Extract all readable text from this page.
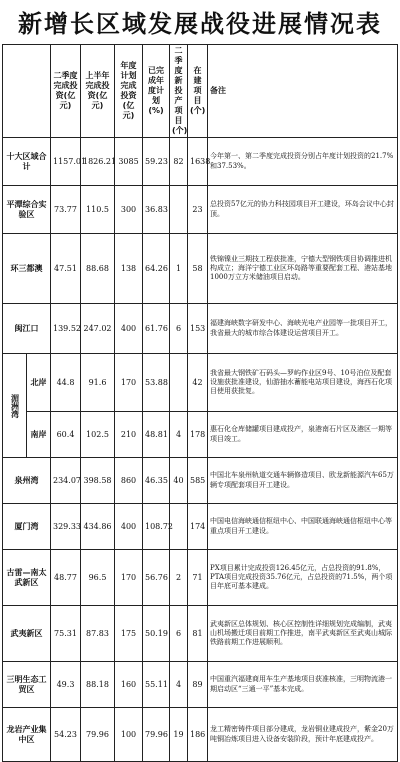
新增长区域发展战役进展情况表
		二季度完成投资(亿元)	上半年完成投资(亿元)	年度计划完成投资(亿元)	已完成年度计划(%)	二季度新投产项目(个)	在建项目(个)	备注
十大区域合计		1157.01	1826.21	3085	59.23	82	1638	今年第一、第二季度完成投资分别占年度计划投资的21.7%和37.53%。
平潭综合实验区		73.77	110.5	300	36.83		23	总投资57亿元的协力科技园项目开工建设，环岛会议中心封顶。
环三都澳		47.51	88.68	138	64.26	1	58	铁锦镍业三期技工程获批准，宁德大型钢铁项目协调推进机构成立；海洋宁德工业区环岛路等重要配套工程、港站基地1000万立方米储油项目启动。
闽江口		139.52	247.02	400	61.76	6	153	福建海峡数字研发中心、海峡光电产业园等一批项目开工，我省最大的城市综合体建设运营项目开工。
湄洲湾	北岸	44.8	91.6	170	53.88		42	我省最大钢铁矿石码头—罗屿作业区9号、10号泊位及配套设施获批准建设，仙游抽水蓄能电站项目建设，海西石化项目使用获批复。
	南岸	60.4	102.5	210	48.81	4	178	惠石化仓库储罐项目建成投产，泉港南石片区及港区一期等项目竣工。
泉州湾		234.07	398.58	860	46.35	40	585	中国北车泉州轨道交通车辆修造项目、欧龙新能源汽车65万辆专项配套项目开工建设。
厦门湾		329.33	434.86	400	108.72		174	中国电信海峡通信枢纽中心、中国联通海峡通信枢纽中心等重点项目开工建设。
古雷—南太武新区		48.77	96.5	170	56.76	2	71	PX项目累计完成投资126.45亿元，占总投资的91.8%，PTA项目完成投资35.76亿元，占总投资的71.5%，两个项目年底可基本建成。
武夷新区		75.31	87.83	175	50.19	6	81	武夷新区总体规划、核心区控制性详细规划完成编制，武夷山机场搬迁项目前期工作推进，南平武夷新区至武夷山城际铁路前期工作进展顺利。
三明生态工贸区		49.3	88.18	160	55.11	4	89	中国重汽福建商用车生产基地项目获准核准，三明物流港一期启动区“三通一平”基本完成。
龙岩产业集中区		54.23	79.96	100	79.96	19	186	龙工精密铸件项目部分建成，龙岩铜业建成投产，紫金20万吨铜冶炼项目进入设备安装阶段，预计年底建成投产。
